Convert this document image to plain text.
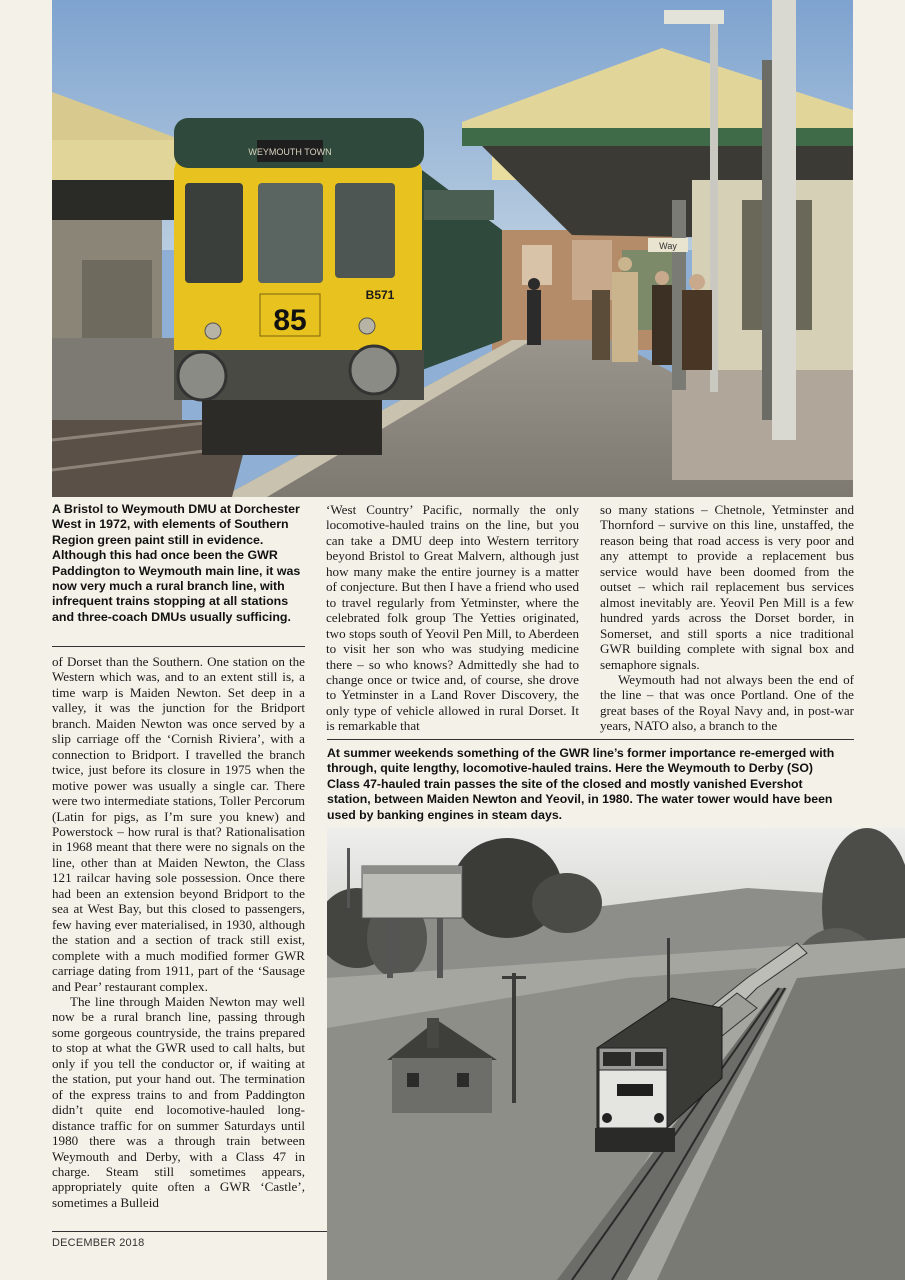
WEYMOUTH TOWN
85
B571
Way
A Bristol to Weymouth DMU at Dorchester West in 1972, with elements of Southern Region green paint still in evidence. Although this had once been the GWR Paddington to Weymouth main line, it was now very much a rural branch line, with infrequent trains stopping at all stations and three-coach DMUs usually sufficing.

of Dorset than the Southern. One station on the Western which was, and to an extent still is, a time warp is Maiden Newton. Set deep in a valley, it was the junction for the Bridport branch. Maiden Newton was once served by a slip carriage off the ‘Cornish Riviera’, with a connection to Bridport. I travelled the branch twice, just before its closure in 1975 when the motive power was usually a single car. There were two intermediate stations, Toller Percorum (Latin for pigs, as I’m sure you knew) and Powerstock – how rural is that? Rationalisation in 1968 meant that there were no signals on the line, other than at Maiden Newton, the Class 121 railcar having sole possession. Once there had been an extension beyond Bridport to the sea at West Bay, but this closed to passengers, few having ever materialised, in 1930, although the station and a section of track still exist, complete with a much modified former GWR carriage dating from 1911, part of the ‘Sausage and Pear’ restaurant complex.

The line through Maiden Newton may well now be a rural branch line, passing through some gorgeous countryside, the trains prepared to stop at what the GWR used to call halts, but only if you tell the conductor or, if waiting at the station, put your hand out. The termination of the express trains to and from Paddington didn’t quite end locomotive-hauled long-distance traffic for on summer Saturdays until 1980 there was a through train between Weymouth and Derby, with a Class 47 in charge. Steam still sometimes appears, appropriately quite often a GWR ‘Castle’, sometimes a Bulleid

‘West Country’ Pacific, normally the only locomotive-hauled trains on the line, but you can take a DMU deep into Western territory beyond Bristol to Great Malvern, although just how many make the entire journey is a matter of conjecture. But then I have a friend who used to travel regularly from Yetminster, where the celebrated folk group The Yetties originated, two stops south of Yeovil Pen Mill, to Aberdeen to visit her son who was studying medicine there – so who knows? Admittedly she had to change once or twice and, of course, she drove to Yetminster in a Land Rover Discovery, the only type of vehicle allowed in rural Dorset. It is remarkable that

so many stations – Chetnole, Yetminster and Thornford – survive on this line, unstaffed, the reason being that road access is very poor and any attempt to provide a replacement bus service would have been doomed from the outset – which rail replacement bus services almost inevitably are. Yeovil Pen Mill is a few hundred yards across the Dorset border, in Somerset, and still sports a nice traditional GWR building complete with signal box and semaphore signals.

Weymouth had not always been the end of the line – that was once Portland. One of the great bases of the Royal Navy and, in post-war years, NATO also, a branch to the

At summer weekends something of the GWR line’s former importance re-emerged with through, quite lengthy, locomotive-hauled trains. Here the Weymouth to Derby (SO) Class 47-hauled train passes the site of the closed and mostly vanished Evershot station, between Maiden Newton and Yeovil, in 1980. The water tower would have been used by banking engines in steam days.
DECEMBER 2018
